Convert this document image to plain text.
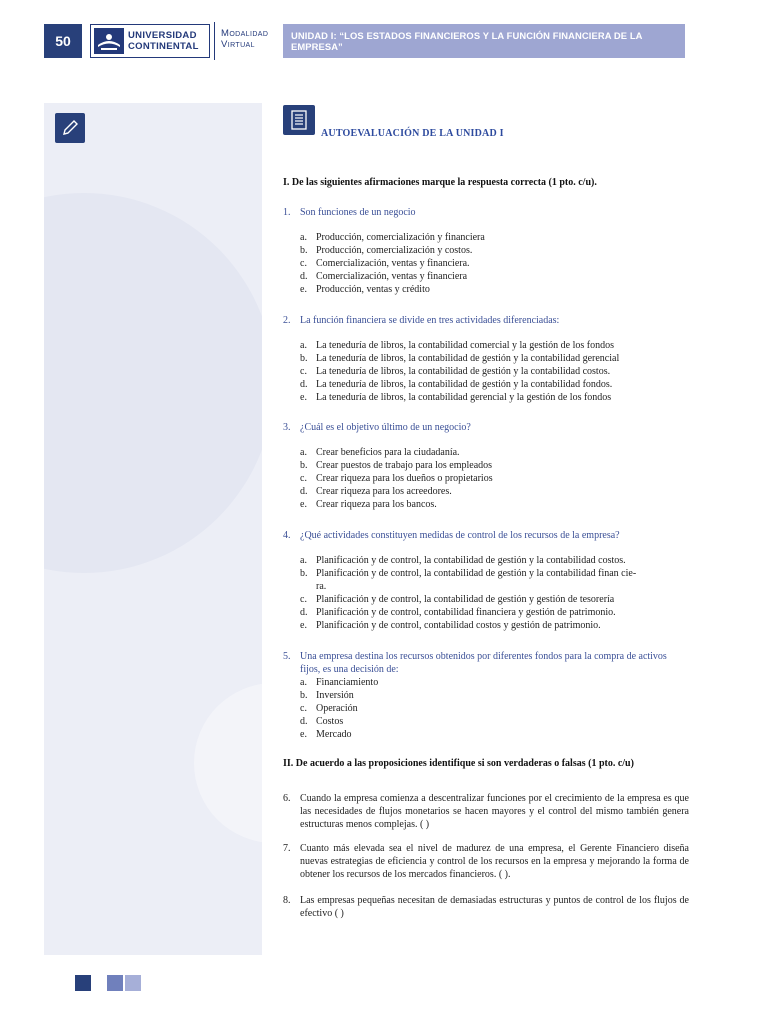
50	UNIVERSIDAD
CONTINENTAL
Modalidad
Virtual
UNIDAD I: “LOS ESTADOS FINANCIEROS Y LA FUNCIÓN FINANCIERA DE LA EMPRESA”
AUTOEVALUACIÓN DE LA UNIDAD I
I. De las siguientes afirmaciones marque la respuesta correcta (1 pto. c/u).
1. Son funciones de un negocio
a. Producción, comercialización y financiera
b. Producción, comercialización y costos.
c. Comercialización, ventas y financiera.
d. Comercialización, ventas y financiera
e. Producción, ventas y crédito
2. La función financiera se divide en tres actividades diferenciadas:
a. La teneduría de libros, la contabilidad comercial y la gestión de los fondos
b. La teneduría de libros, la contabilidad de gestión y la contabilidad gerencial
c. La teneduría de libros, la contabilidad de gestión y la contabilidad costos.
d. La teneduría de libros, la contabilidad de gestión y la contabilidad fondos.
e. La teneduría de libros, la contabilidad gerencial y la gestión de los fondos
3. ¿Cuál es el objetivo último de un negocio?
a. Crear beneficios para la ciudadanía.
b. Crear puestos de trabajo para los empleados
c. Crear riqueza para los dueños o propietarios
d. Crear riqueza para los acreedores.
e. Crear riqueza para los bancos.
4. ¿Qué actividades constituyen medidas de control de los recursos de la empresa?
a. Planificación y de control, la contabilidad de gestión y la contabilidad costos.
b. Planificación y de control, la contabilidad de gestión y la contabilidad finan cie-
ra.
c. Planificación y de control, la contabilidad de gestión y gestión de tesorería
d. Planificación y de control, contabilidad financiera y gestión de patrimonio.
e. Planificación y de control, contabilidad costos y gestión de patrimonio.
5. Una empresa destina los recursos obtenidos por diferentes fondos para la compra de activos fijos, es una decisión de:
a. Financiamiento
b. Inversión
c. Operación
d. Costos
e. Mercado
II. De acuerdo a las proposiciones identifique si son verdaderas o falsas (1 pto. c/u)
6. Cuando la empresa comienza a descentralizar funciones por el crecimiento de la empresa es que las necesidades de flujos monetarios se hacen mayores y el control del mismo también genera estructuras menos complejas. ( )
7. Cuanto más elevada sea el nivel de madurez de una empresa, el Gerente Financiero diseña nuevas estrategias de eficiencia y control de los recursos en la empresa y mejorando la forma de obtener los recursos de los mercados financieros. ( ).
8. Las empresas pequeñas necesitan de demasiadas estructuras y puntos de control de los flujos de efectivo ( )
